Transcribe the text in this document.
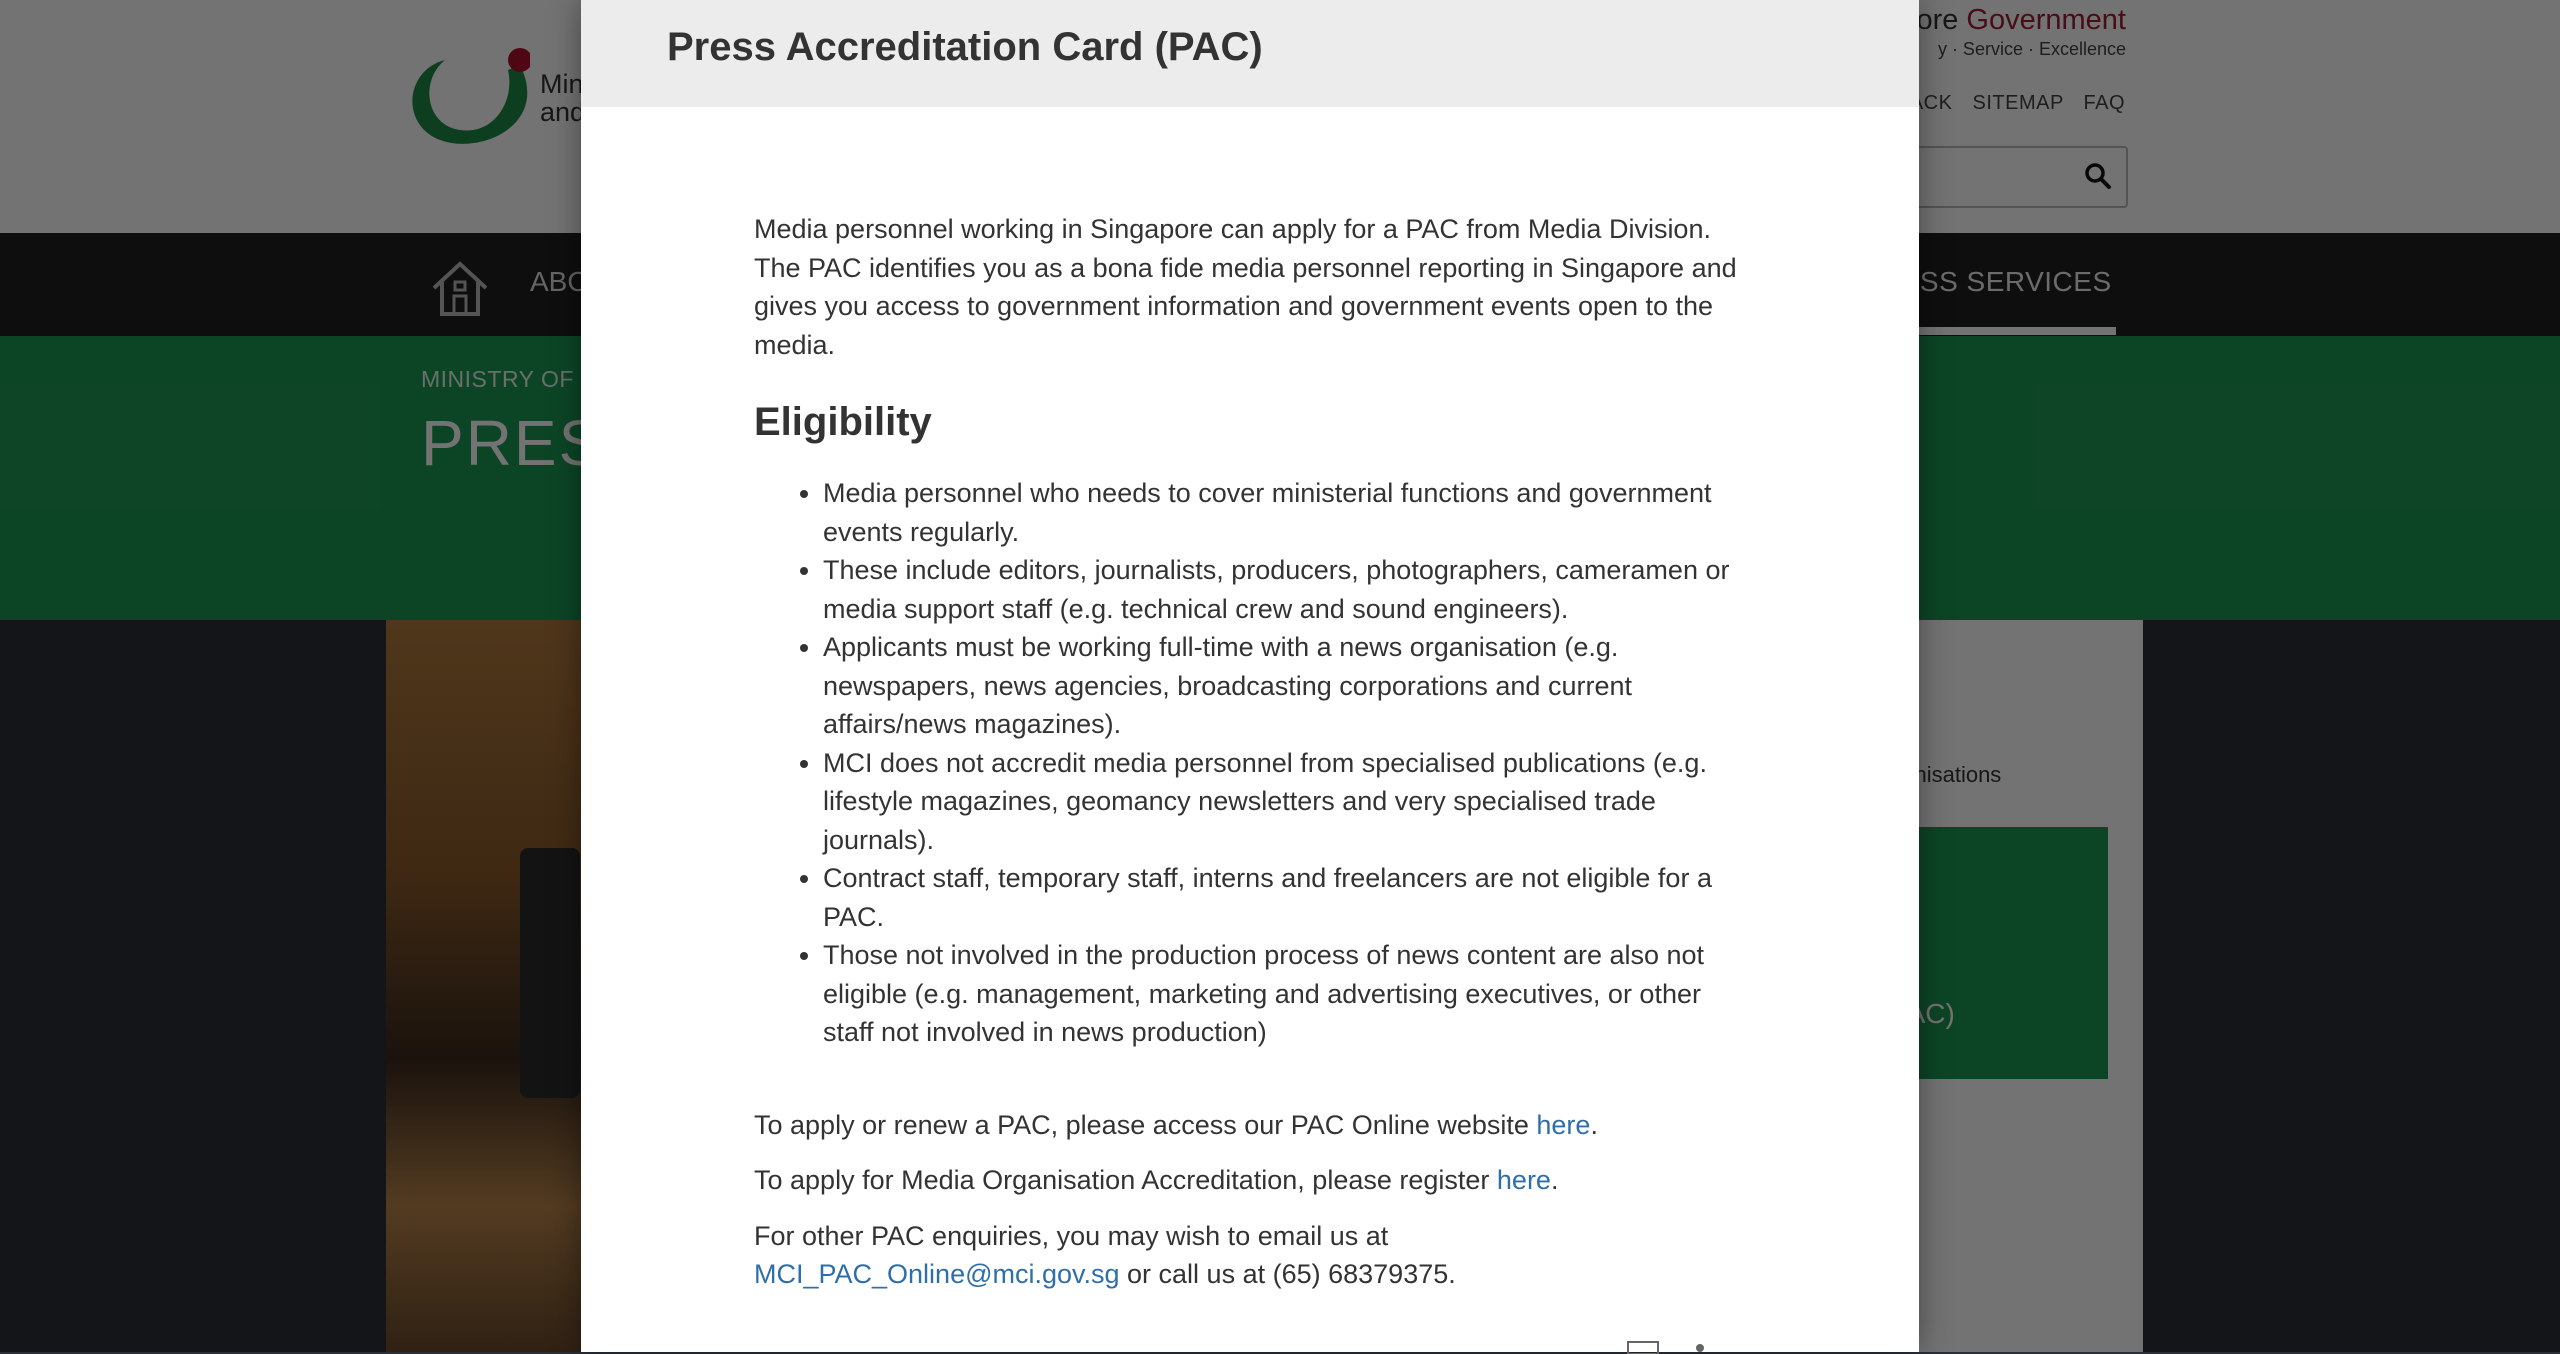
Press Accreditation Card (PAC)

Media personnel working in Singapore can apply for a PAC from Media Division. The PAC identifies you as a bona fide media personnel reporting in Singapore and gives you access to government information and government events open to the media.

Eligibility
• Media personnel who needs to cover ministerial functions and government events regularly.
• These include editors, journalists, producers, photographers, cameramen or media support staff (e.g. technical crew and sound engineers).
• Applicants must be working full-time with a news organisation (e.g. newspapers, news agencies, broadcasting corporations and current affairs/news magazines).
• MCI does not accredit media personnel from specialised publications (e.g. lifestyle magazines, geomancy newsletters and very specialised trade journals).
• Contract staff, temporary staff, interns and freelancers are not eligible for a PAC.
• Those not involved in the production process of news content are also not eligible (e.g. management, marketing and advertising executives, or other staff not involved in news production)

To apply or renew a PAC, please access our PAC Online website here.

To apply for Media Organisation Accreditation, please register here.

For other PAC enquiries, you may wish to email us at MCI_PAC_Online@mci.gov.sg or call us at (65) 68379375.
